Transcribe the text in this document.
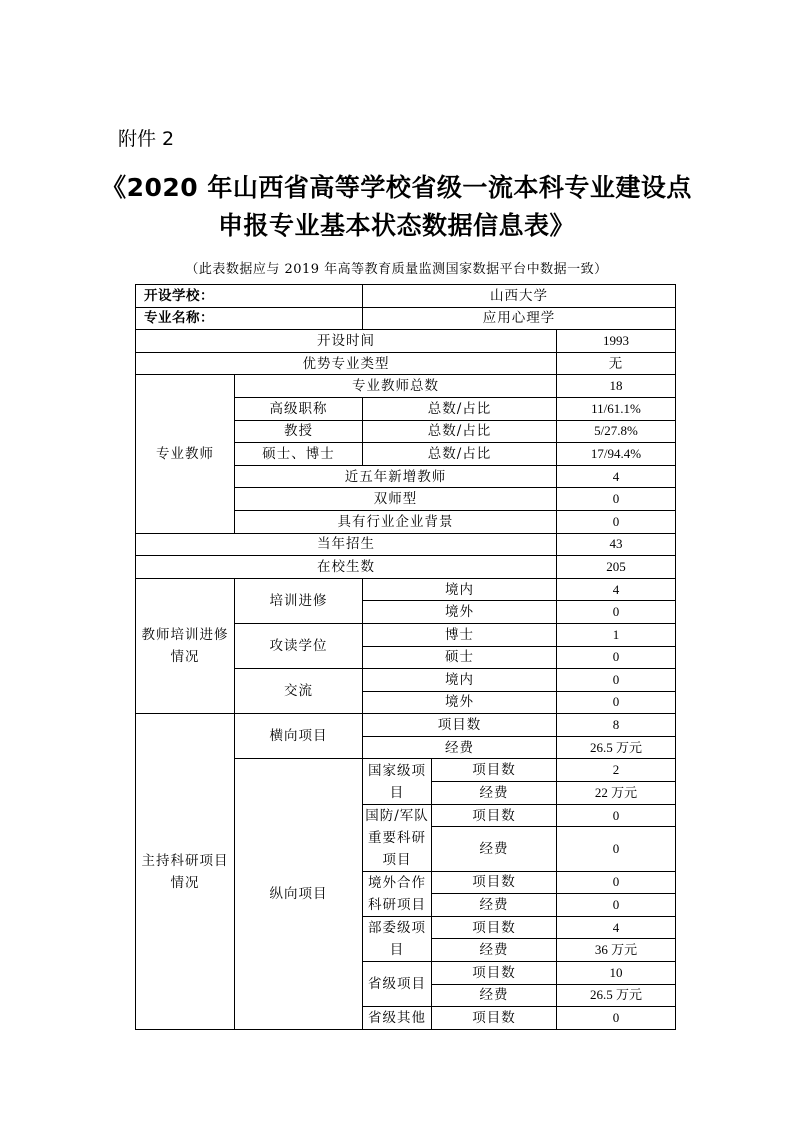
附件 2
《2020 年山西省高等学校省级一流本科专业建设点
申报专业基本状态数据信息表》
（此表数据应与 2019 年高等教育质量监测国家数据平台中数据一致）
开设学校：		山西大学		
专业名称：		应用心理学		
开设时间				1993
优势专业类型				无
专业教师	专业教师总数			18
	高级职称	总数/占比		11/61.1%
	教授	总数/占比		5/27.8%
	硕士、博士	总数/占比		17/94.4%
	近五年新增教师			4
	双师型			0
	具有行业企业背景			0
当年招生				43
在校生数				205
教师培训进修情况	培训进修	境内		4
		境外		0
	攻读学位	博士		1
		硕士		0
	交流	境内		0
		境外		0
主持科研项目情况	横向项目	项目数		8
		经费		26.5 万元
	纵向项目	国家级项目	项目数	2
			经费	22 万元
		国防/军队重要科研项目	项目数	0
			经费	0
		境外合作科研项目	项目数	0
			经费	0
		部委级项目	项目数	4
			经费	36 万元
		省级项目	项目数	10
			经费	26.5 万元
		省级其他	项目数	0
